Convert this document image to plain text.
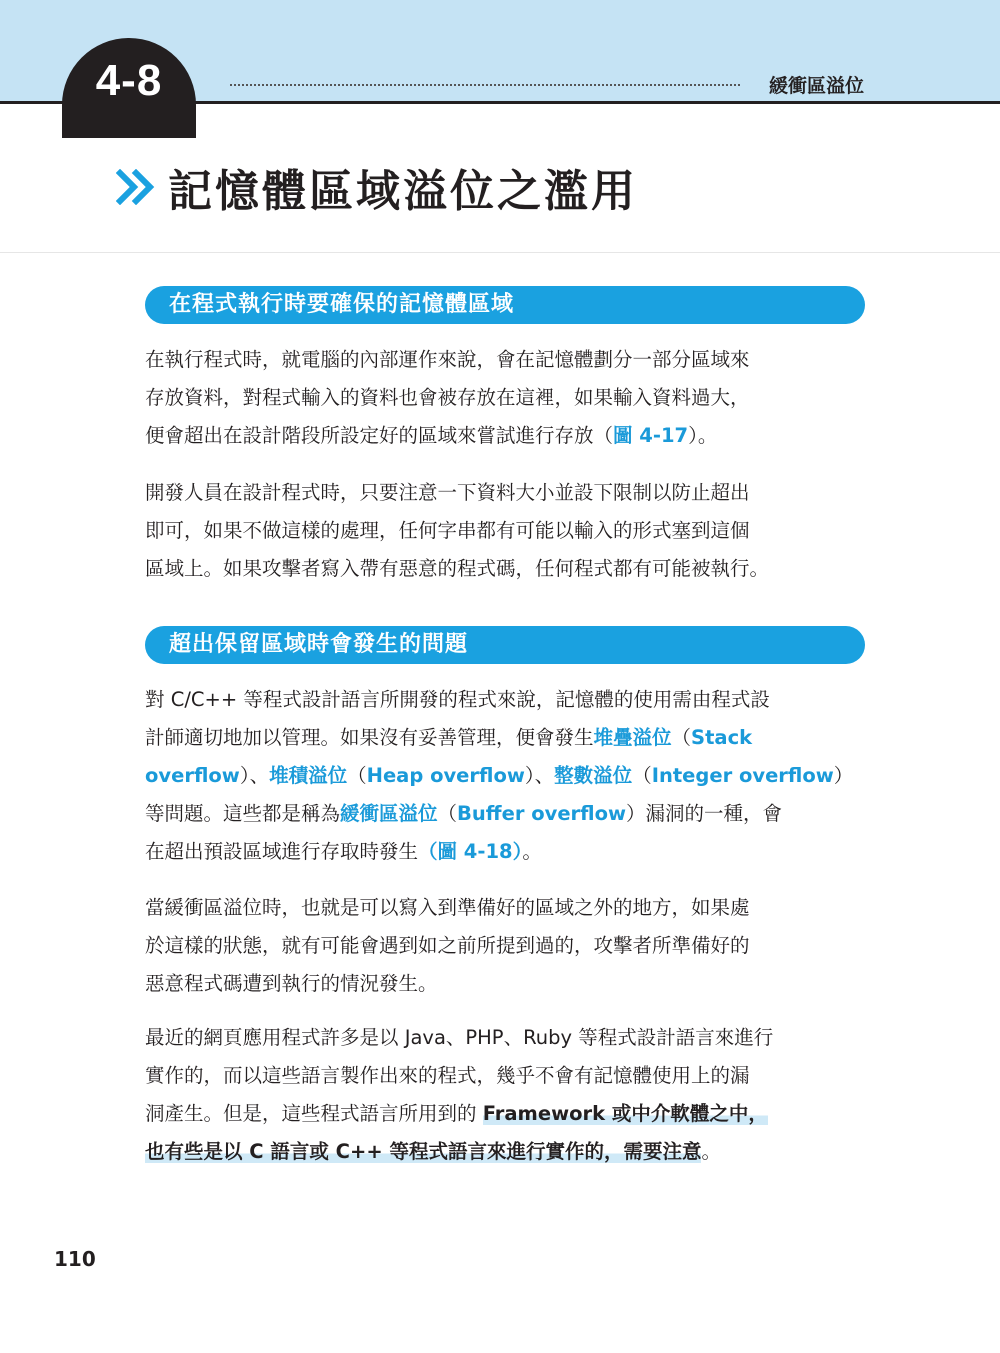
4-8	緩衝區溢位
記憶體區域溢位之濫用
在程式執行時要確保的記憶體區域

在執行程式時，就電腦的內部運作來說，會在記憶體劃分一部分區域來
存放資料，對程式輸入的資料也會被存放在這裡，如果輸入資料過大，
便會超出在設計階段所設定好的區域來嘗試進行存放（圖 4-17）。

開發人員在設計程式時，只要注意一下資料大小並設下限制以防止超出
即可，如果不做這樣的處理，任何字串都有可能以輸入的形式塞到這個
區域上。如果攻擊者寫入帶有惡意的程式碼，任何程式都有可能被執行。

超出保留區域時會發生的問題

對 C/C++ 等程式設計語言所開發的程式來說，記憶體的使用需由程式設
計師適切地加以管理。如果沒有妥善管理，便會發生堆疊溢位（Stack
overflow）、堆積溢位（Heap overflow）、整數溢位（Integer overflow）
等問題。這些都是稱為緩衝區溢位（Buffer overflow）漏洞的一種，會
在超出預設區域進行存取時發生（圖 4-18）。

當緩衝區溢位時，也就是可以寫入到準備好的區域之外的地方，如果處
於這樣的狀態，就有可能會遇到如之前所提到過的，攻擊者所準備好的
惡意程式碼遭到執行的情況發生。

最近的網頁應用程式許多是以 Java、PHP、Ruby 等程式設計語言來進行
實作的，而以這些語言製作出來的程式，幾乎不會有記憶體使用上的漏
洞產生。但是，這些程式語言所用到的 Framework 或中介軟體之中，
也有些是以 C 語言或 C++ 等程式語言來進行實作的，需要注意。

110
